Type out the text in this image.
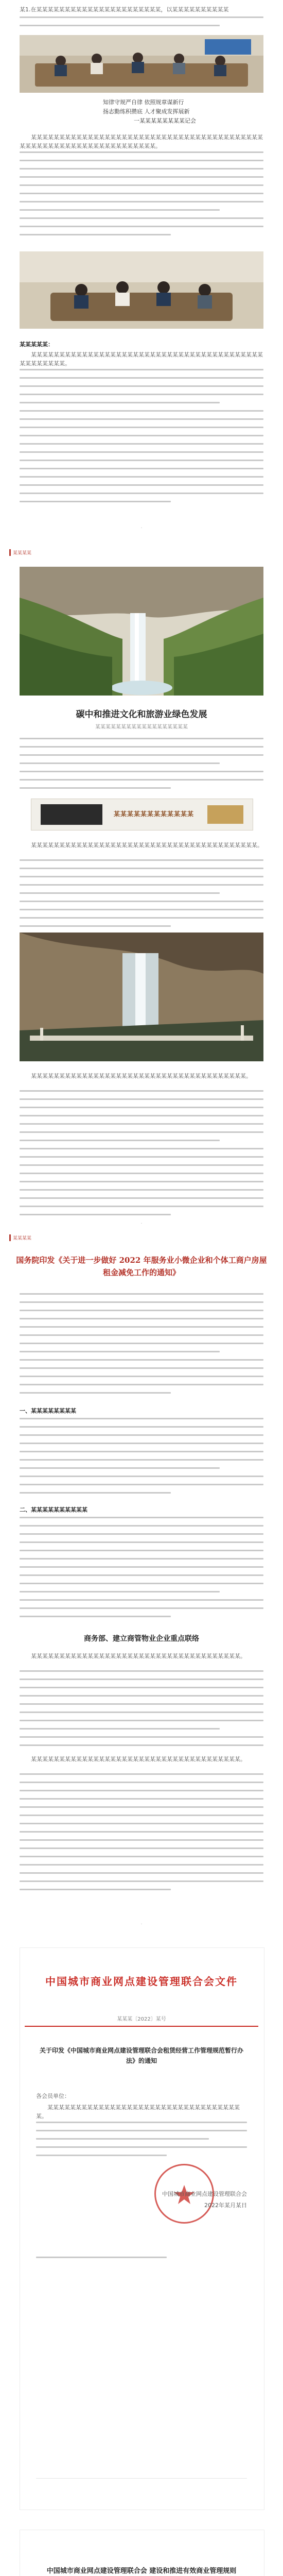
某1.在某某某某某某某某某某某某某某某某某某某某某某，以某某某某某某某某某某
知律守规严自律 依照规章谋新行
扬志勤练积攒底 人才聚成发挥展新
一某某某某某某某某记会
某某某某某某某某某某某某某某某某某某某某某某某某某某某某某某某某某某某某某某某某某某某某某某某某某某某某某某某某某某某某某某某某某。
某某某某某：
某某某某某某某某某某某某某某某某某某某某某某某某某某某某某某某某某某某某某某某某某某某某某某某某某。
·
某某某某
碳中和推进文化和旅游业绿色发展
某某某某某某某某某某某某某某某某某某
某某某某某某某某某某某某
某某某某某某某某某某某某某某某某某某某某某某某某某某某某某某某某某某某某某某某某。
某某某某某某某某某某某某某某某某某某某某某某某某某某某某某某某某某某某某某某。
·
某某某某
国务院印发《关于进一步做好 2022 年服务业小微企业和个体工商户房屋租金减免工作的通知》
一、某某某某某某某某
二、某某某某某某某某某某
商务部、建立商管物业企业重点联络
某某某某某某某某某某某某某某某某某某某某某某某某某某某某某某某某某某某某某。
某某某某某某某某某某某某某某某某某某某某某某某某某某某某某某某某某某某某某。
·
中国城市商业网点建设管理联合会文件
某某某〔2022〕某号
关于印发《中国城市商业网点建设管理联合会租赁经营工作管理规范暂行办法》的通知
各会员单位：
某某某某某某某某某某某某某某某某某某某某某某某某某某某某某某某某某某某。
中国城市商业网点建设管理联合会
2022年某月某日
中国城市商业网点建设管理联合会 建设和推进有效商业管理规则
